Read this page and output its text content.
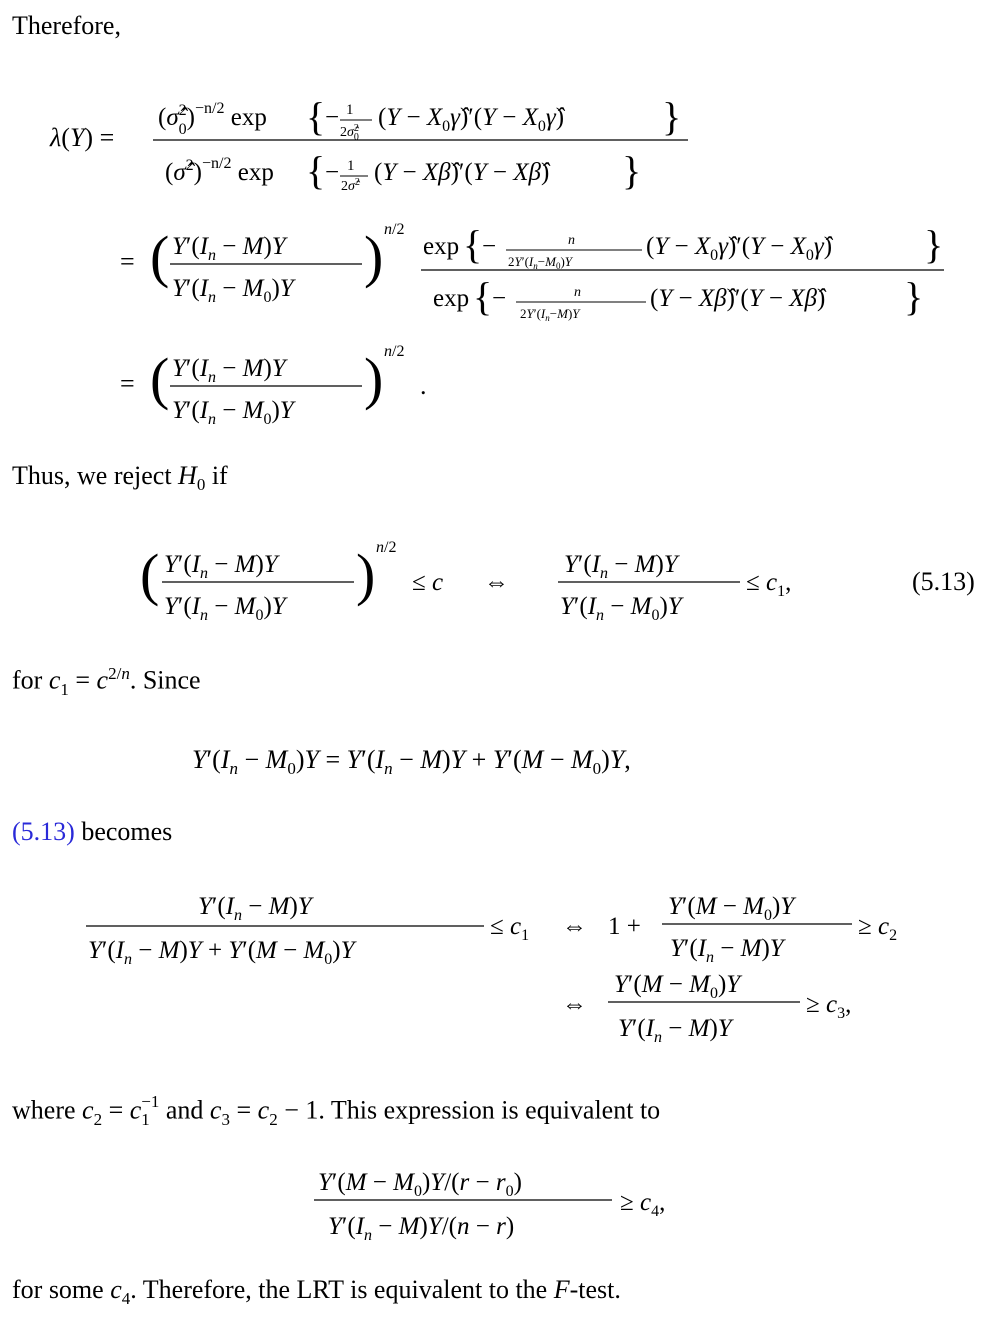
Therefore,
λ(Y) =
(σ̂$^2$ 0)$^{-n/2}$ exp { − 1
2σ̂$^2$ 0
$(Y - X_0\gammâ)'(Y$ − $X_0\gammâ$) }
(σ̂$^2$)$^{-n/2}$ exp { − 1
2σ̂$^2$ (Y − Xβ̂)′(Y − Xβ̂) }
= ( $Y'(I_n - M)Y$
$Y'(I_n - M_0)Y$ ) n/2
exp { −	n
$2Y'(I_n-M_0)Y$
$(Y - X_0\gammâ)'(Y$ − $X_0\gammâ$) }
exp { −	n
$2Y'(I_n-M)Y$
(Y − Xβ̂)′(Y − Xβ̂) }
= ( $Y'(I_n - M)Y$
$Y'(I_n - M_0)Y$ ) n/2
.
Thus, we reject $H_0$ if
( $Y'(I_n - M)Y$
$Y'(I_n - M_0)Y$ ) n/2
≤ c ⇔
$Y'(I_n - M)Y$
$Y'(I_n - M_0)Y$
≤ $c_1$,	(5.13)
for $c_1 = c^{2/n}$. Since
$Y'(I_n - M_0)Y = Y'(I_n - M)Y + Y'(M - M_0)Y$,
(5.13) becomes
$Y'(I_n - M)Y$
$Y'(I_n - M)Y + Y'(M - M_0)Y$
≤ $c_1$ ⇔ 1 +
$Y'(M - M_0)Y$
$Y'(I_n - M)Y$
≥ $c_2$
⇔
$Y'(M - M_0)Y$
$Y'(I_n - M)Y$
≥ $c_3$,
where $c_2 = c^{-1}$
1 and $c_3 = c_2 - 1$. This expression is equivalent to
$Y'(M - M_0)Y/(r - r_0)$
$Y'(I_n - M)Y/(n - r)$
≥ $c_4$,
for some $c_4$. Therefore, the LRT is equivalent to the F-test.
